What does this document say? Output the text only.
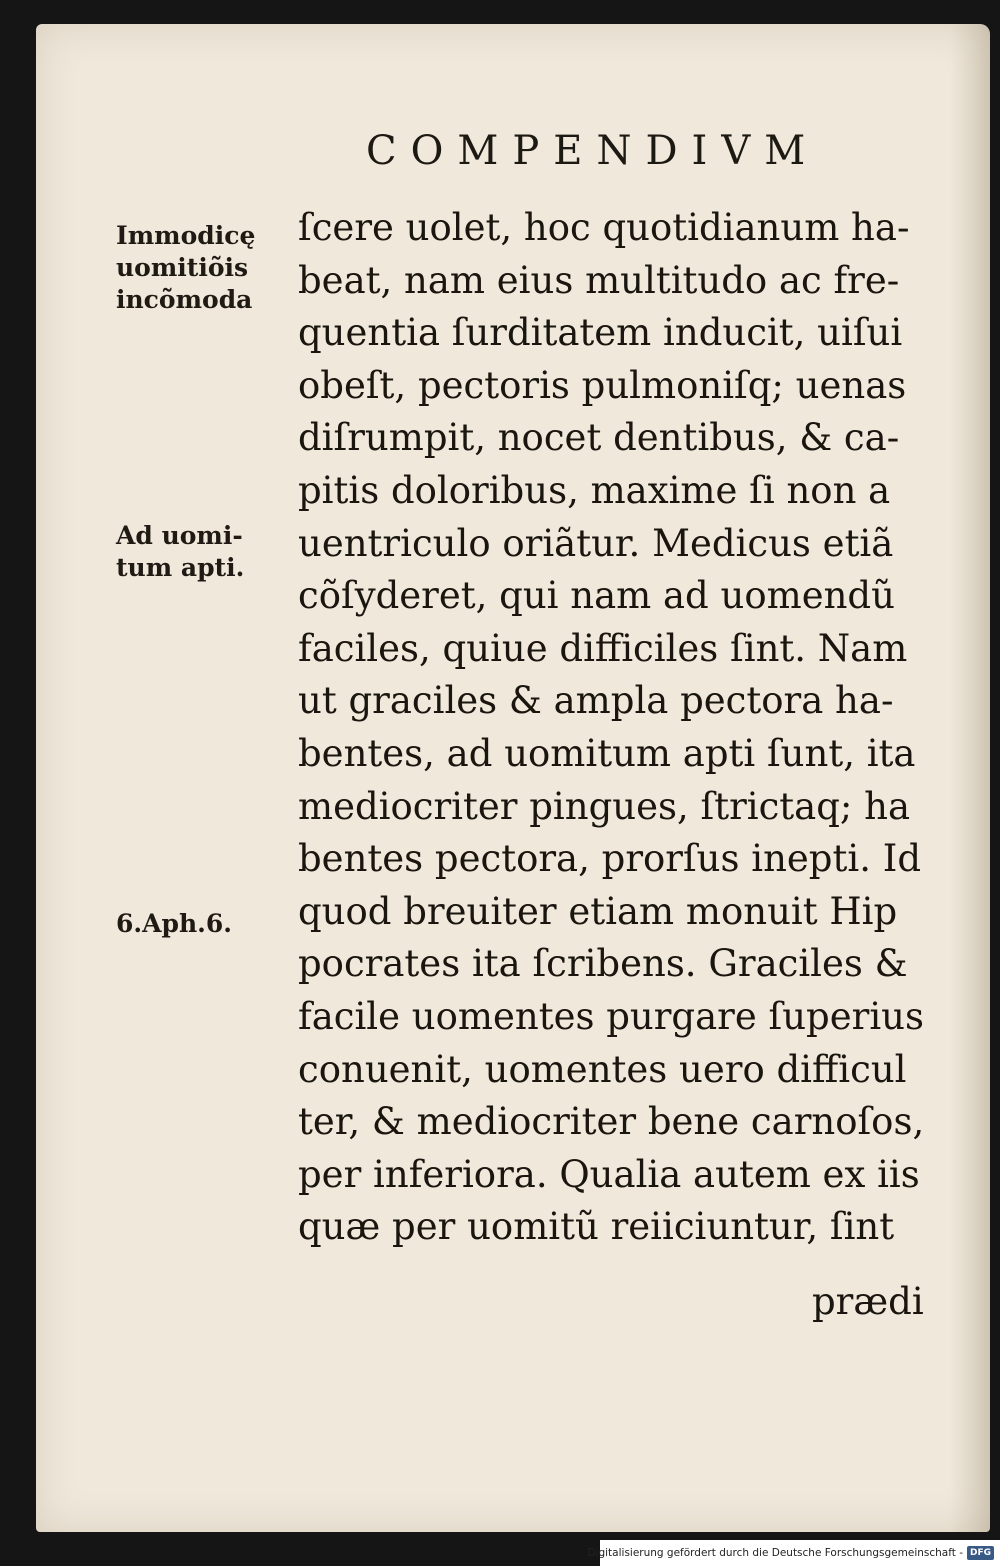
COMPENDIVM
Immodicę
uomitiõis
incõmoda
Ad uomi-
tum apti.
6.Aph.6.
ſcere uolet, hoc quotidianum ha-
beat, nam eius multitudo ac fre-
quentia ſurditatem inducit, uiſui
obeſt, pectoris pulmoniſq; uenas
diſrumpit, nocet dentibus, & ca-
pitis doloribus, maxime ſi non a
uentriculo oriãtur. Medicus etiã
cõſyderet, qui nam ad uomendũ
faciles, quiue difficiles ſint. Nam
ut graciles & ampla pectora ha-
bentes, ad uomitum apti ſunt, ita
mediocriter pingues, ſtrictaq; ha
bentes pectora, prorſus inepti. Id
quod breuiter etiam monuit Hip
pocrates ita ſcribens. Graciles &
facile uomentes purgare ſuperius
conuenit, uomentes uero difficul
ter, & mediocriter bene carnoſos,
per inferiora. Qualia autem ex iis
quæ per uomitũ reiiciuntur, ſint
prædi
Digitalisierung gefördert durch die Deutsche Forschungsgemeinschaft - DFG
